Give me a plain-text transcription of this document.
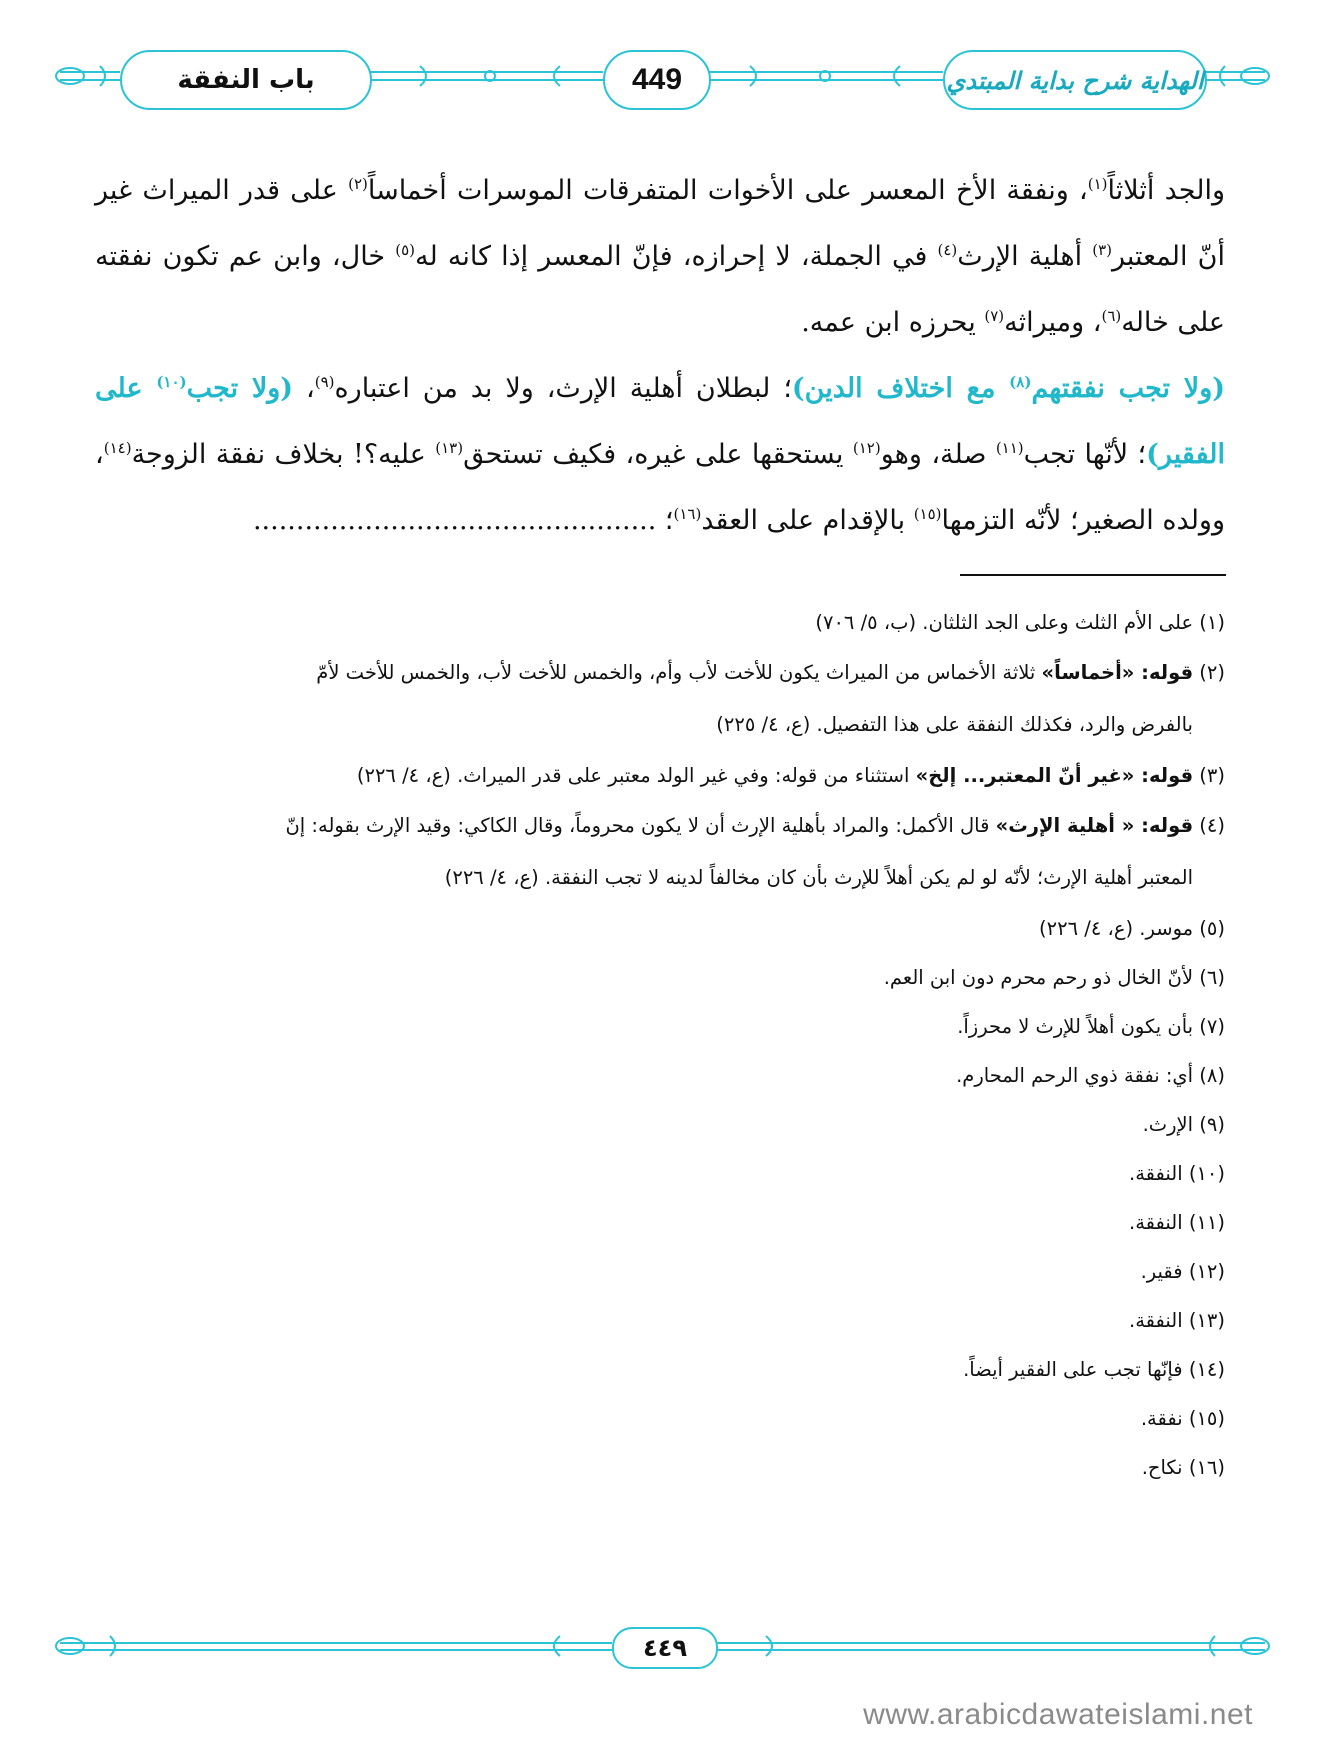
باب النفقة	449	الهداية شرح بداية المبتدي

والجد أثلاثاً$^{(١)}$، ونفقة الأخ المعسر على الأخوات المتفرقات الموسرات أخماساً$^{(٢)}$ على قدر الميراث غير أنّ المعتبر$^{(٣)}$ أهلية الإرث$^{(٤)}$ في الجملة، لا إحرازه، فإنّ المعسر إذا كانه له$^{(٥)}$ خال، وابن عم تكون نفقته على خاله$^{(٦)}$، وميراثه$^{(٧)}$ يحرزه ابن عمه.

(ولا تجب نفقتهم$^{(٨)}$ مع اختلاف الدين)؛ لبطلان أهلية الإرث، ولا بد من اعتباره$^{(٩)}$، (ولا تجب$^{(١٠)}$ على الفقير)؛ لأنّها تجب$^{(١١)}$ صلة، وهو$^{(١٢)}$ يستحقها على غيره، فكيف تستحق$^{(١٣)}$ عليه؟! بخلاف نفقة الزوجة$^{(١٤)}$، وولده الصغير؛ لأنّه التزمها$^{(١٥)}$ بالإقدام على العقد$^{(١٦)}$؛ ...............................................

(١) على الأم الثلث وعلى الجد الثلثان. (ب، ٥/ ٧٠٦)

(٢) قوله: «أخماساً» ثلاثة الأخماس من الميراث يكون للأخت لأب وأم، والخمس للأخت لأب، والخمس للأخت لأمّ
بالفرض والرد، فكذلك النفقة على هذا التفصيل. (ع، ٤/ ٢٢٥)

(٣) قوله: «غير أنّ المعتبر... إلخ» استثناء من قوله: وفي غير الولد معتبر على قدر الميراث. (ع، ٤/ ٢٢٦)

(٤) قوله: « أهلية الإرث» قال الأكمل: والمراد بأهلية الإرث أن لا يكون محروماً، وقال الكاكي: وقيد الإرث بقوله: إنّ
المعتبر أهلية الإرث؛ لأنّه لو لم يكن أهلاً للإرث بأن كان مخالفاً لدينه لا تجب النفقة. (ع، ٤/ ٢٢٦)

(٥) موسر. (ع، ٤/ ٢٢٦)

(٦) لأنّ الخال ذو رحم محرم دون ابن العم.

(٧) بأن يكون أهلاً للإرث لا محرزاً.

(٨) أي: نفقة ذوي الرحم المحارم.

(٩) الإرث.

(١٠) النفقة.

(١١) النفقة.

(١٢) فقير.

(١٣) النفقة.

(١٤) فإنّها تجب على الفقير أيضاً.

(١٥) نفقة.

(١٦) نكاح.

٤٤٩
www.arabicdawateislami.net
